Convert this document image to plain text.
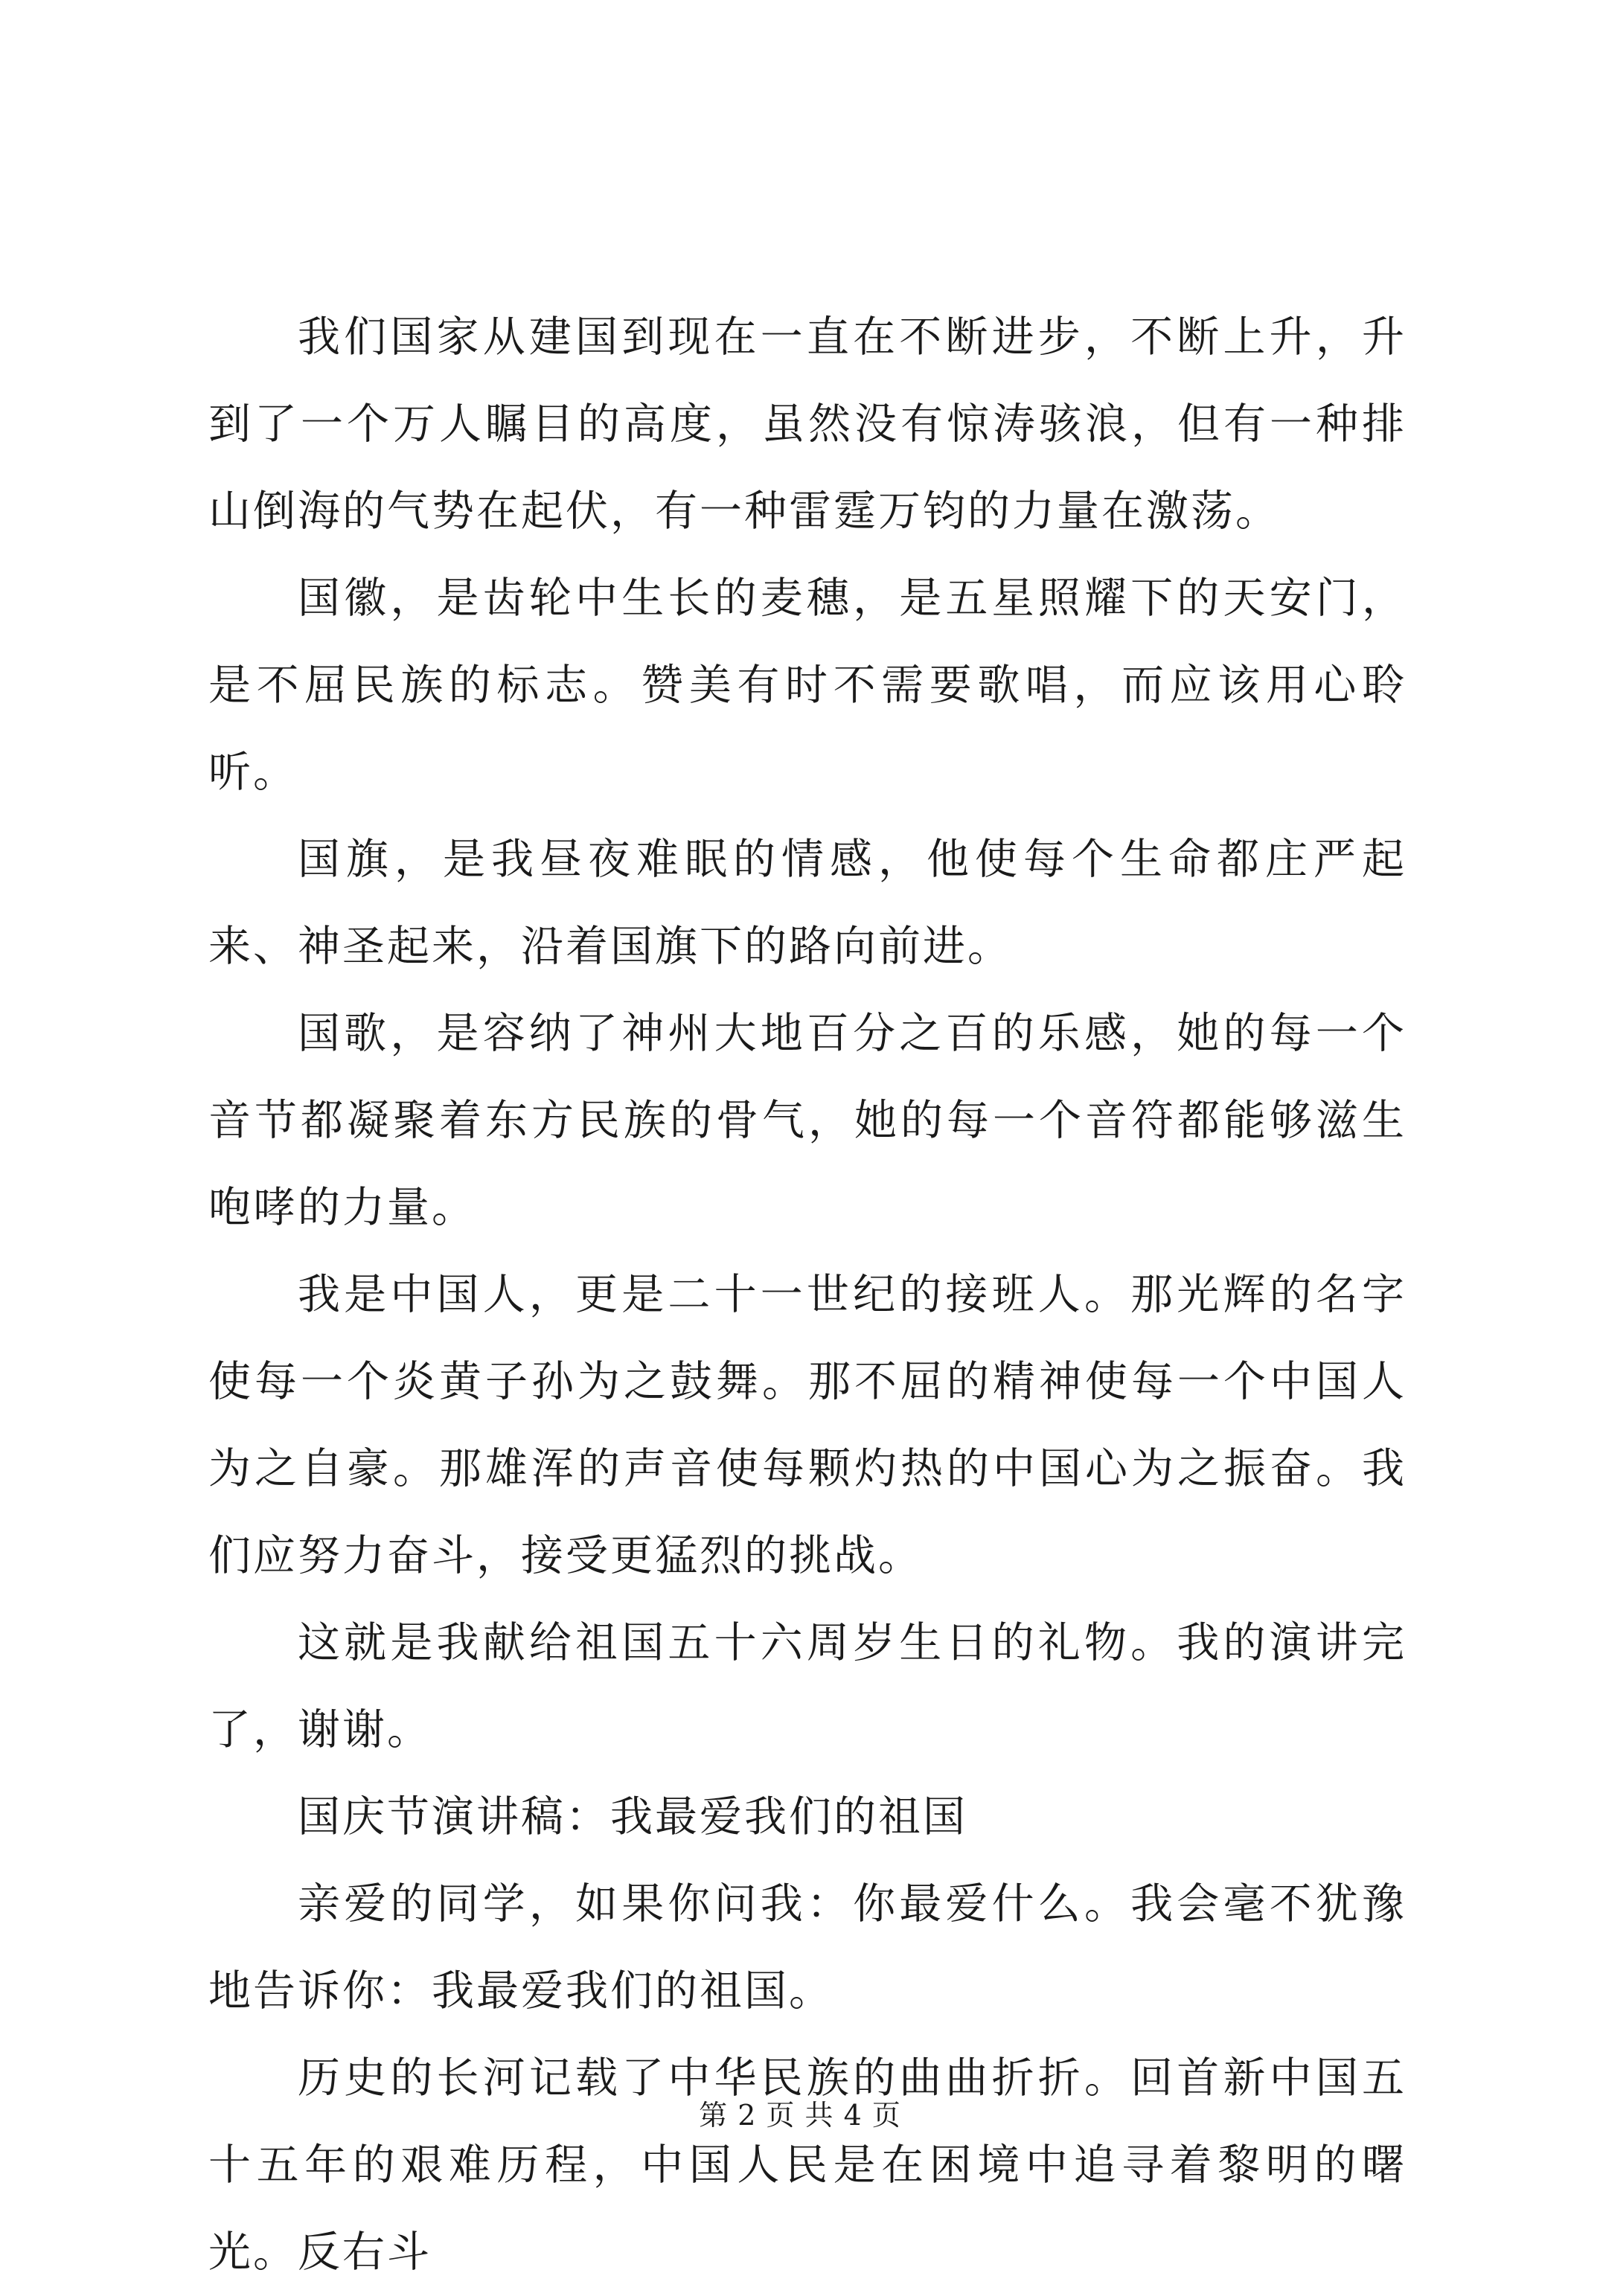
我们国家从建国到现在一直在不断进步，不断上升，升到了一个万人瞩目的高度，虽然没有惊涛骇浪，但有一种排山倒海的气势在起伏，有一种雷霆万钧的力量在激荡。

国徽，是齿轮中生长的麦穗，是五星照耀下的天安门，是不屈民族的标志。赞美有时不需要歌唱，而应该用心聆听。

国旗，是我昼夜难眠的情感，他使每个生命都庄严起来、神圣起来，沿着国旗下的路向前进。

国歌，是容纳了神州大地百分之百的乐感，她的每一个音节都凝聚着东方民族的骨气，她的每一个音符都能够滋生咆哮的力量。

我是中国人，更是二十一世纪的接班人。那光辉的名字使每一个炎黄子孙为之鼓舞。那不屈的精神使每一个中国人为之自豪。那雄浑的声音使每颗灼热的中国心为之振奋。我们应努力奋斗，接受更猛烈的挑战。

这就是我献给祖国五十六周岁生日的礼物。我的演讲完了，谢谢。

国庆节演讲稿：我最爱我们的祖国

亲爱的同学，如果你问我：你最爱什么。我会毫不犹豫地告诉你：我最爱我们的祖国。

历史的长河记载了中华民族的曲曲折折。回首新中国五十五年的艰难历程，中国人民是在困境中追寻着黎明的曙光。反右斗

第 2 页 共 4 页
